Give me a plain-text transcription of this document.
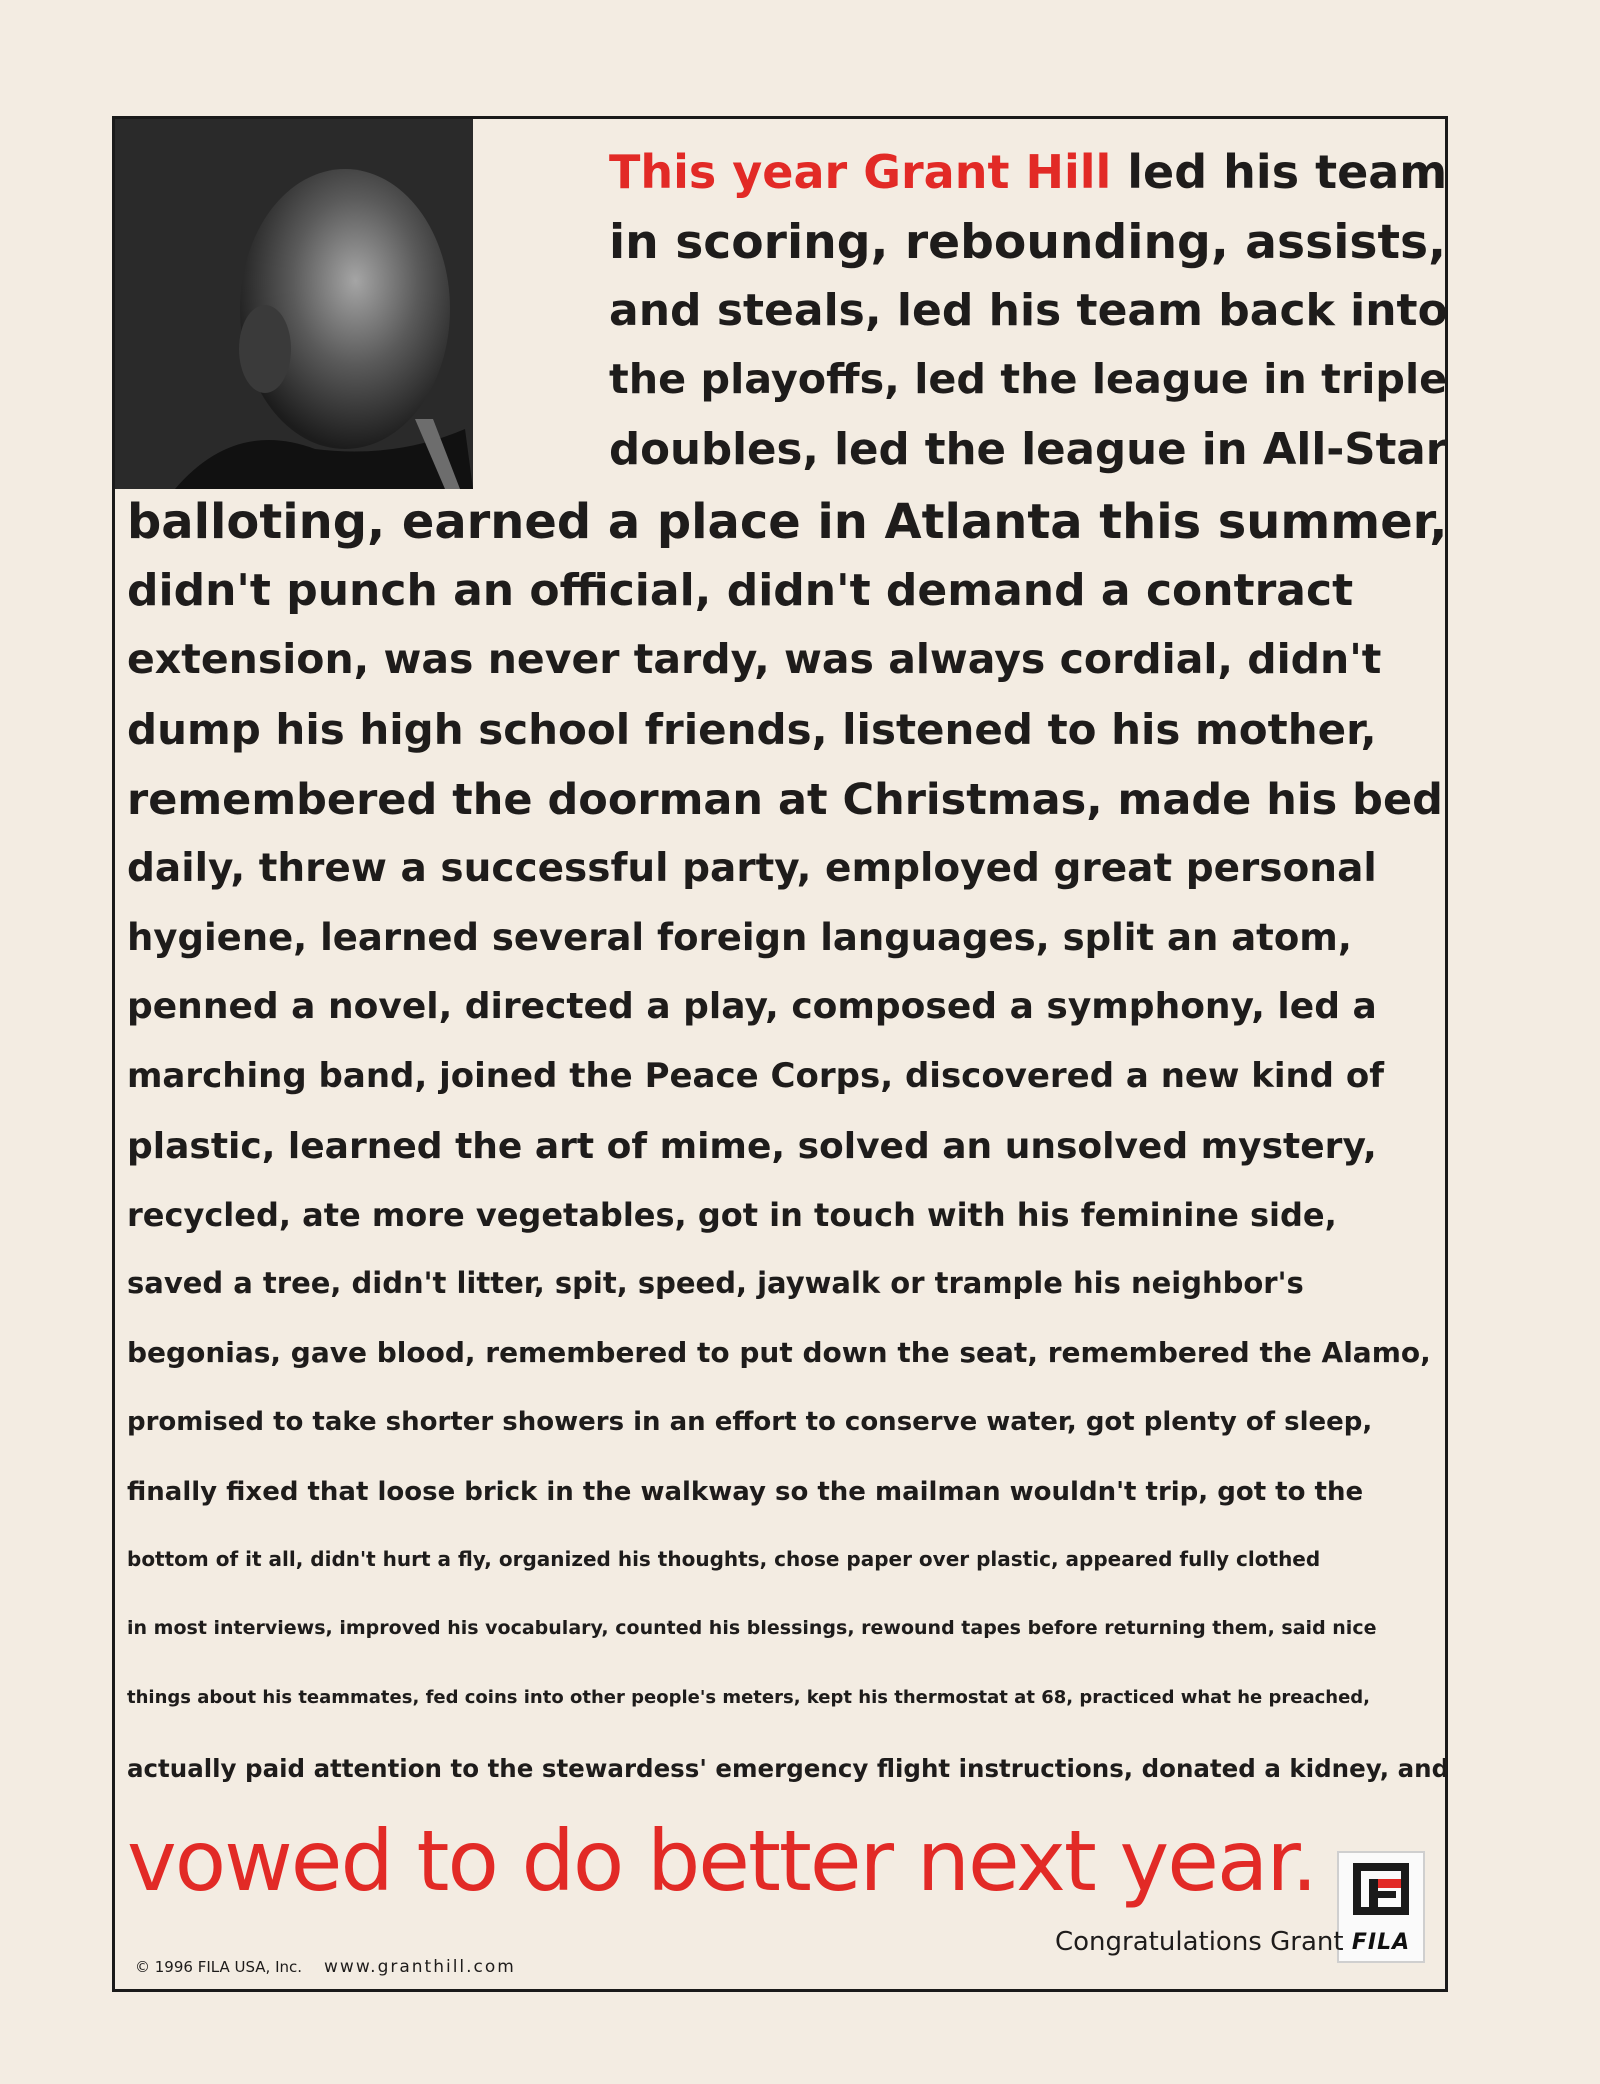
This year Grant Hill led his team
in scoring, rebounding, assists,
and steals, led his team back into
the playoffs, led the league in triple
doubles, led the league in All-Star
balloting, earned a place in Atlanta this summer,
didn't punch an official, didn't demand a contract
extension, was never tardy, was always cordial, didn't
dump his high school friends, listened to his mother,
remembered the doorman at Christmas, made his bed
daily, threw a successful party, employed great personal
hygiene, learned several foreign languages, split an atom,
penned a novel, directed a play, composed a symphony, led a
marching band, joined the Peace Corps, discovered a new kind of
plastic, learned the art of mime, solved an unsolved mystery,
recycled, ate more vegetables, got in touch with his feminine side,
saved a tree, didn't litter, spit, speed, jaywalk or trample his neighbor's
begonias, gave blood, remembered to put down the seat, remembered the Alamo,
promised to take shorter showers in an effort to conserve water, got plenty of sleep,
finally fixed that loose brick in the walkway so the mailman wouldn't trip, got to the
bottom of it all, didn't hurt a fly, organized his thoughts, chose paper over plastic, appeared fully clothed
in most interviews, improved his vocabulary, counted his blessings, rewound tapes before returning them, said nice
things about his teammates, fed coins into other people's meters, kept his thermostat at 68, practiced what he preached,
actually paid attention to the stewardess' emergency flight instructions, donated a kidney, and
vowed to do better next year.
FILA
Congratulations Grant
© 1996 FILA USA, Inc. www.granthill.com
